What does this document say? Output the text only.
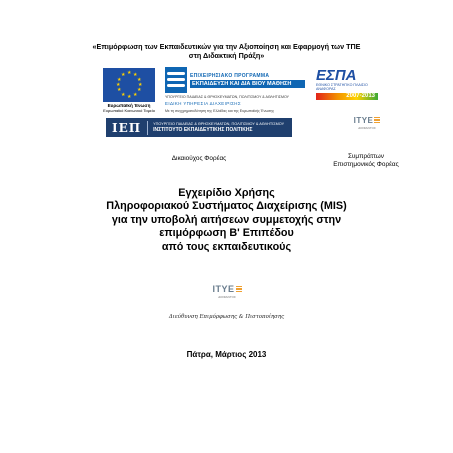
«Επιμόρφωση των Εκπαιδευτικών για την Αξιοποίηση και Εφαρμογή των ΤΠΕ
στη Διδακτική Πράξη»
★ ★
★
★
★
★
★
★
★
★
★
★
Ευρωπαϊκή Ένωση
Ευρωπαϊκό Κοινωνικό Ταμείο
ΕΠΙΧΕΙΡΗΣΙΑΚΟ ΠΡΟΓΡΑΜΜΑ
ΕΚΠΑΙΔΕΥΣΗ ΚΑΙ ΔΙΑ ΒΙΟΥ ΜΑΘΗΣΗ
ΥΠΟΥΡΓΕΙΟ ΠΑΙΔΕΙΑΣ & ΘΡΗΣΚΕΥΜΑΤΩΝ, ΠΟΛΙΤΙΣΜΟΥ & ΑΘΛΗΤΙΣΜΟΥ
ΕΙΔΙΚΗ ΥΠΗΡΕΣΙΑ ΔΙΑΧΕΙΡΙΣΗΣ
Με τη συγχρηματοδότηση της Ελλάδας και της Ευρωπαϊκής Ένωσης
ΕΣΠΑ
ΕΘΝΙΚΟ ΣΤΡΑΤΗΓΙΚΟ ΠΛΑΙΣΙΟ ΑΝΑΦΟΡΑΣ
2007-2013
ΙΕΠ	ΥΠΟΥΡΓΕΙΟ ΠΑΙΔΕΙΑΣ & ΘΡΗΣΚΕΥΜΑΤΩΝ, ΠΟΛΙΤΙΣΜΟΥ & ΑΘΛΗΤΙΣΜΟΥ
ΙΝΣΤΙΤΟΥΤΟ ΕΚΠΑΙΔΕΥΤΙΚΗΣ ΠΟΛΙΤΙΚΗΣ
Δικαιούχος Φορέας
ITYE
ΔΙΟΦΑΝΤΟΣ
Συμπράττων
Επιστημονικός Φορέας
Εγχειρίδιο Χρήσης
Πληροφοριακού Συστήματος Διαχείρισης (MIS)
για την υποβολή αιτήσεων συμμετοχής στην
επιμόρφωση Β' Επιπέδου
από τους εκπαιδευτικούς
ITYE
ΔΙΟΦΑΝΤΟΣ
Διεύθυνση Επιμόρφωσης & Πιστοποίησης
Πάτρα, Μάρτιος 2013
